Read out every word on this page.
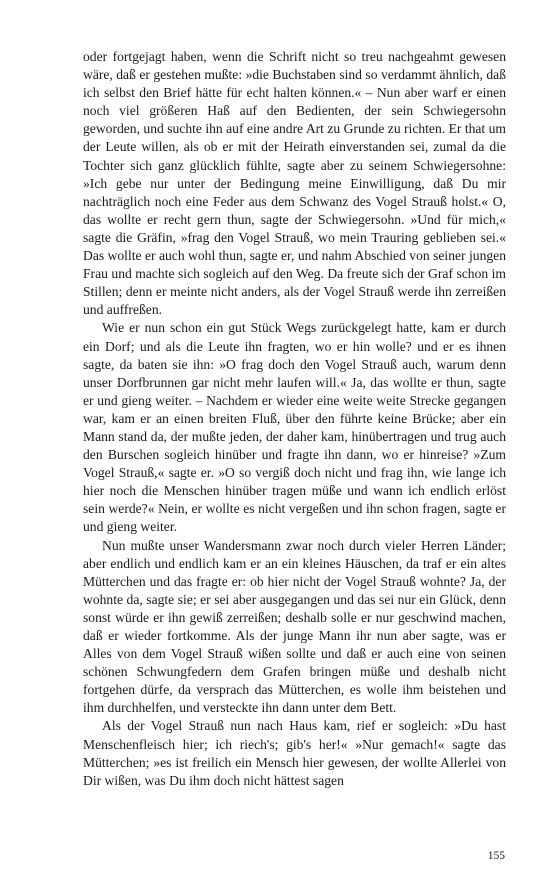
oder fortgejagt haben, wenn die Schrift nicht so treu nachgeahmt gewesen wäre, daß er gestehen mußte: »die Buchstaben sind so verdammt ähnlich, daß ich selbst den Brief hätte für echt halten können.« – Nun aber warf er einen noch viel größeren Haß auf den Bedienten, der sein Schwiegersohn geworden, und suchte ihn auf eine andre Art zu Grunde zu richten. Er that um der Leute willen, als ob er mit der Heirath einverstanden sei, zumal da die Tochter sich ganz glücklich fühlte, sagte aber zu seinem Schwiegersohne: »Ich gebe nur unter der Bedingung meine Einwilligung, daß Du mir nachträglich noch eine Feder aus dem Schwanz des Vogel Strauß holst.« O, das wollte er recht gern thun, sagte der Schwiegersohn. »Und für mich,« sagte die Gräfin, »frag den Vogel Strauß, wo mein Trauring geblieben sei.« Das wollte er auch wohl thun, sagte er, und nahm Abschied von seiner jungen Frau und machte sich sogleich auf den Weg. Da freute sich der Graf schon im Stillen; denn er meinte nicht anders, als der Vogel Strauß werde ihn zerreißen und auffreßen.

Wie er nun schon ein gut Stück Wegs zurückgelegt hatte, kam er durch ein Dorf; und als die Leute ihn fragten, wo er hin wolle? und er es ihnen sagte, da baten sie ihn: »O frag doch den Vogel Strauß auch, warum denn unser Dorfbrunnen gar nicht mehr laufen will.« Ja, das wollte er thun, sagte er und gieng weiter. – Nachdem er wieder eine weite weite Strecke gegangen war, kam er an einen breiten Fluß, über den führte keine Brücke; aber ein Mann stand da, der mußte jeden, der daher kam, hinübertragen und trug auch den Burschen sogleich hinüber und fragte ihn dann, wo er hinreise? »Zum Vogel Strauß,« sagte er. »O so vergiß doch nicht und frag ihn, wie lange ich hier noch die Menschen hinüber tragen müße und wann ich endlich erlöst sein werde?« Nein, er wollte es nicht vergeßen und ihn schon fragen, sagte er und gieng weiter.

Nun mußte unser Wandersmann zwar noch durch vieler Herren Länder; aber endlich und endlich kam er an ein kleines Häuschen, da traf er ein altes Mütterchen und das fragte er: ob hier nicht der Vogel Strauß wohnte? Ja, der wohnte da, sagte sie; er sei aber ausgegangen und das sei nur ein Glück, denn sonst würde er ihn gewiß zerreißen; deshalb solle er nur geschwind machen, daß er wieder fortkomme. Als der junge Mann ihr nun aber sagte, was er Alles von dem Vogel Strauß wißen sollte und daß er auch eine von seinen schönen Schwungfedern dem Grafen bringen müße und deshalb nicht fortgehen dürfe, da versprach das Mütterchen, es wolle ihm beistehen und ihm durchhelfen, und versteckte ihn dann unter dem Bett.

Als der Vogel Strauß nun nach Haus kam, rief er sogleich: »Du hast Menschenfleisch hier; ich riech's; gib's her!« »Nur gemach!« sagte das Mütterchen; »es ist freilich ein Mensch hier gewesen, der wollte Allerlei von Dir wißen, was Du ihm doch nicht hättest sagen

155
